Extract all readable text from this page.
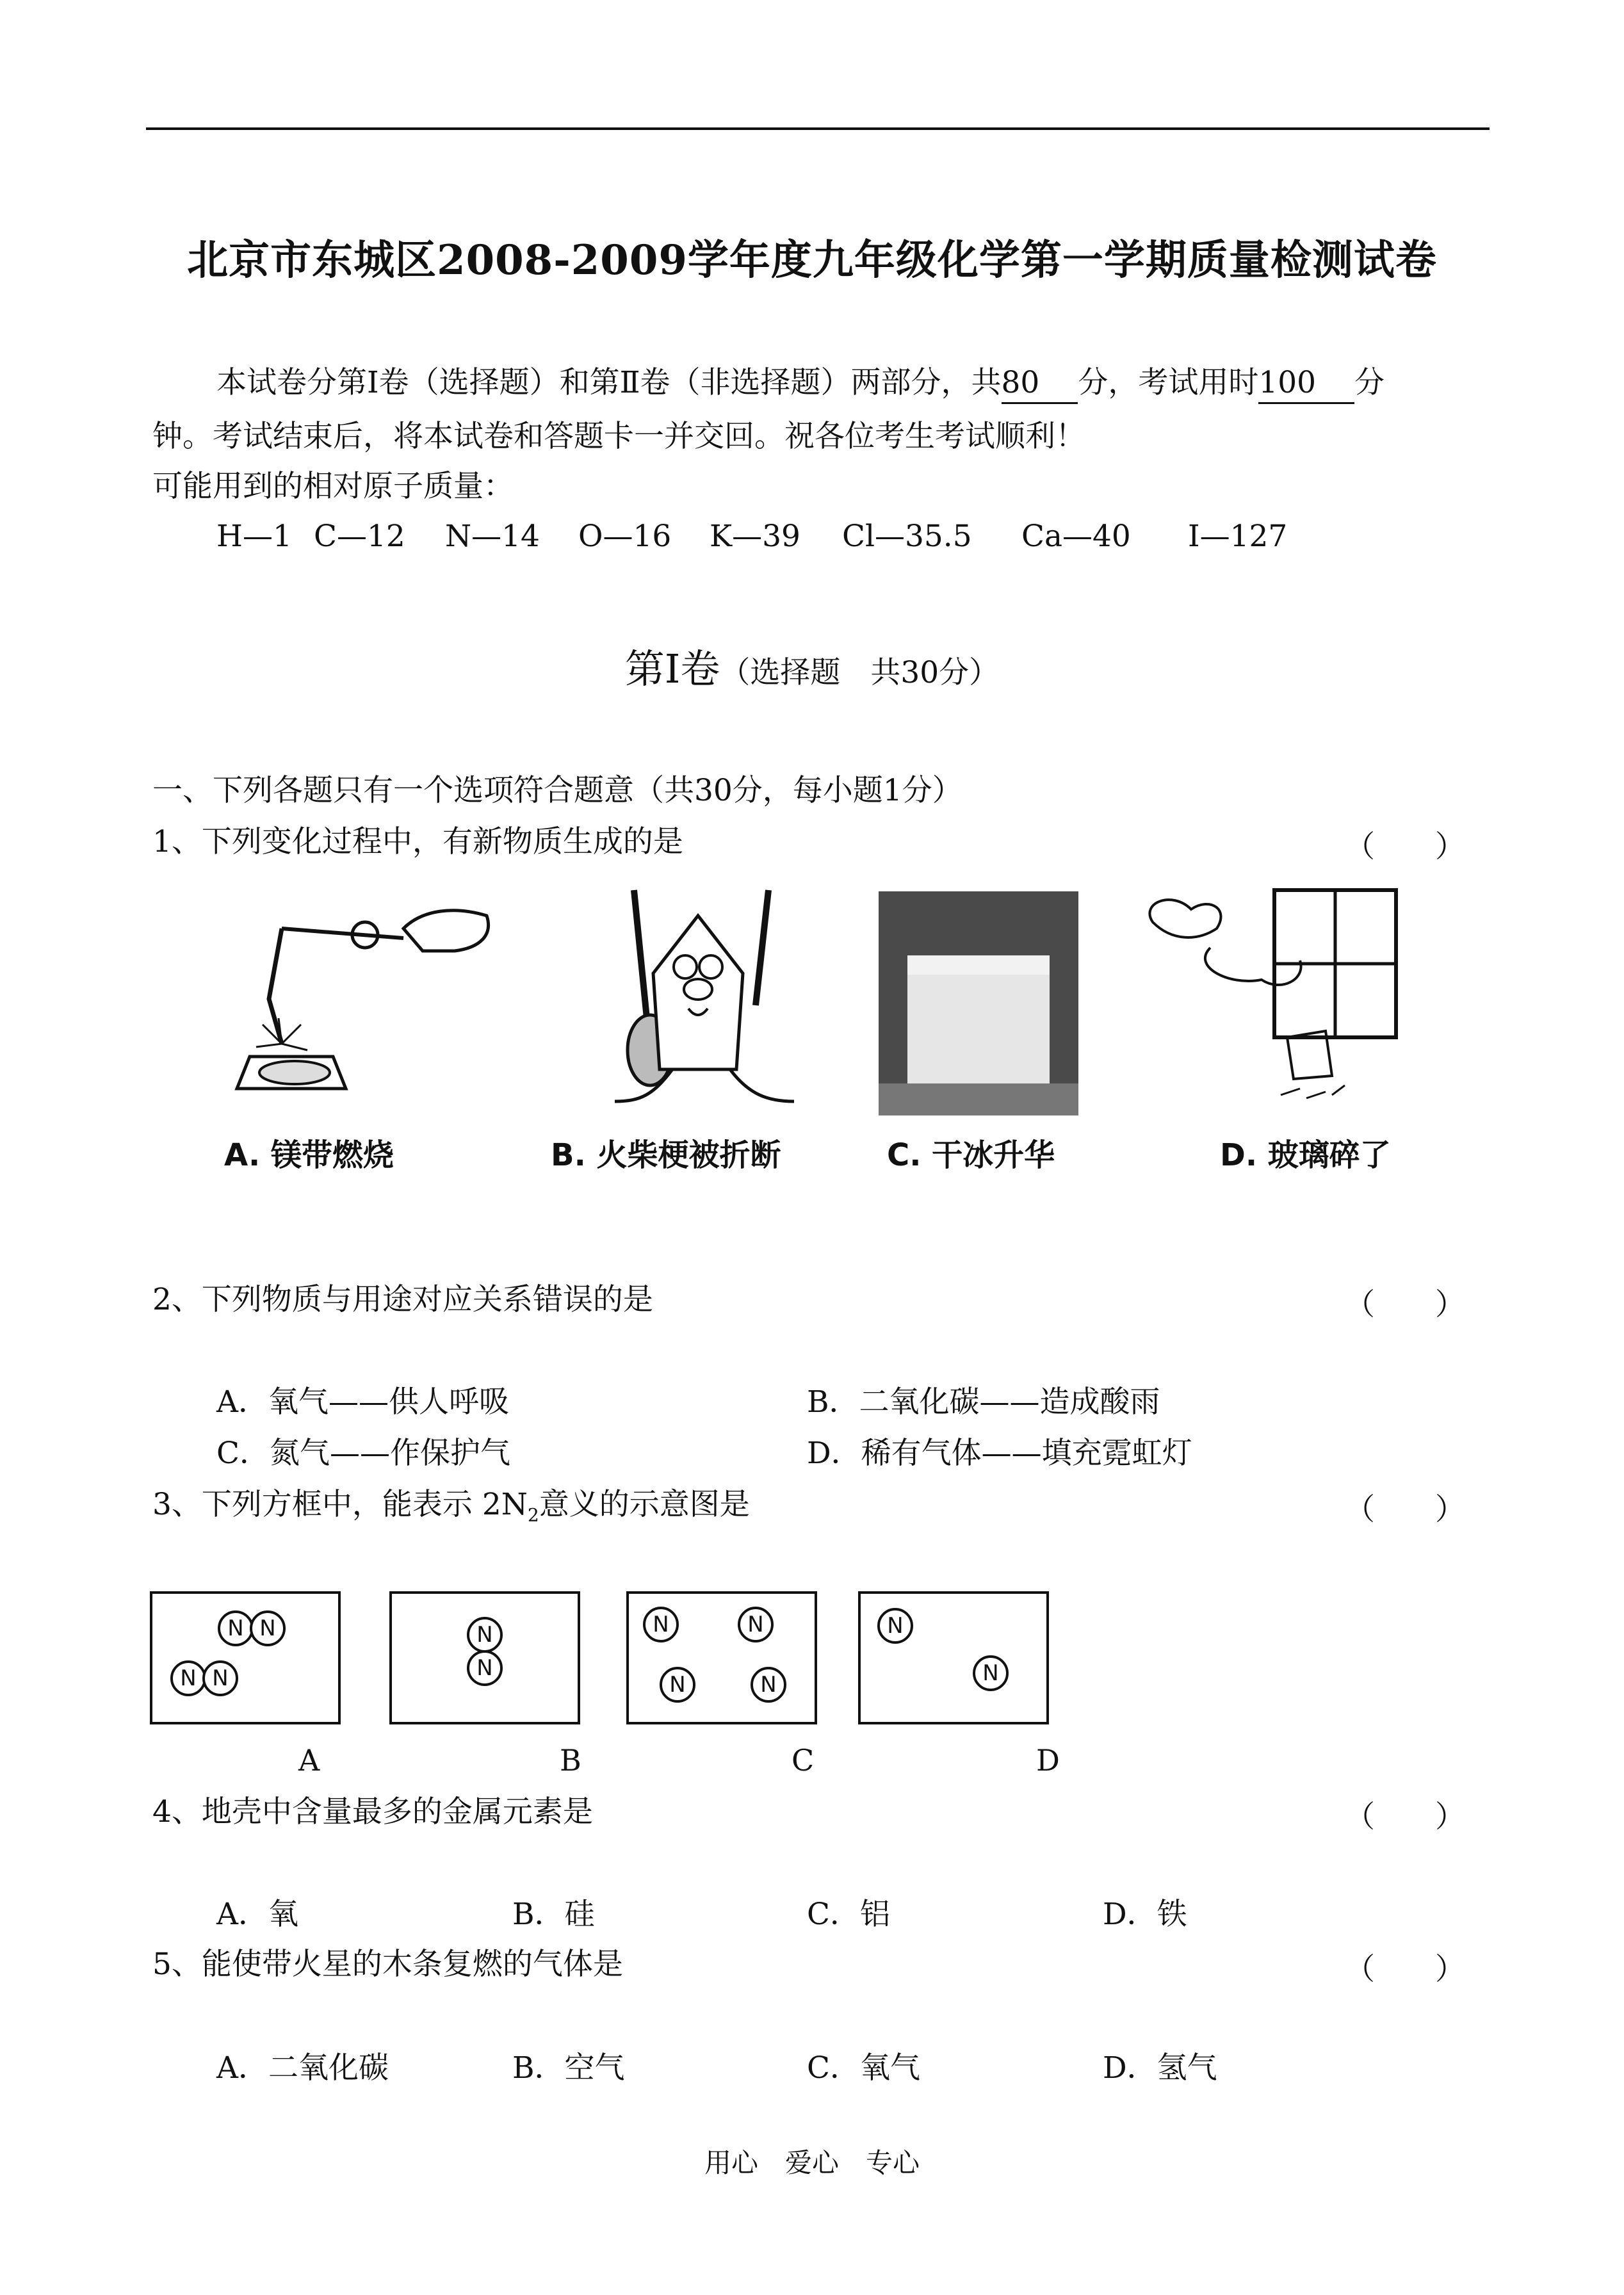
北京市东城区2008-2009学年度九年级化学第一学期质量检测试卷
本试卷分第Ⅰ卷（选择题）和第Ⅱ卷（非选择题）两部分，共80 分，考试用时100 分
钟。考试结束后，将本试卷和答题卡一并交回。祝各位考生考试顺利！
可能用到的相对原子质量：
H—1 C—12 N—14 O—16 K—39 Cl—35.5 Ca—40 I—127
第Ⅰ卷（选择题　共30分）
一、下列各题只有一个选项符合题意（共30分，每小题1分）
1、下列变化过程中，有新物质生成的是	（　　）
A. 镁带燃烧	B. 火柴梗被折断	C. 干冰升华	D. 玻璃碎了
2、下列物质与用途对应关系错误的是	（　　）
A．氧气——供人呼吸	B．二氧化碳——造成酸雨
C．氮气——作保护气	D．稀有气体——填充霓虹灯
3、下列方框中，能表示 $2N_2$意义的示意图是	（　　）
N N
N N
N
N
N	N
N	N
N
N
A	B	C	D
4、地壳中含量最多的金属元素是	（　　）
A．氧	B．硅	C．铝	D．铁
5、能使带火星的木条复燃的气体是	（　　）
A．二氧化碳	B．空气	C．氧气	D．氢气
用心　爱心　专心
